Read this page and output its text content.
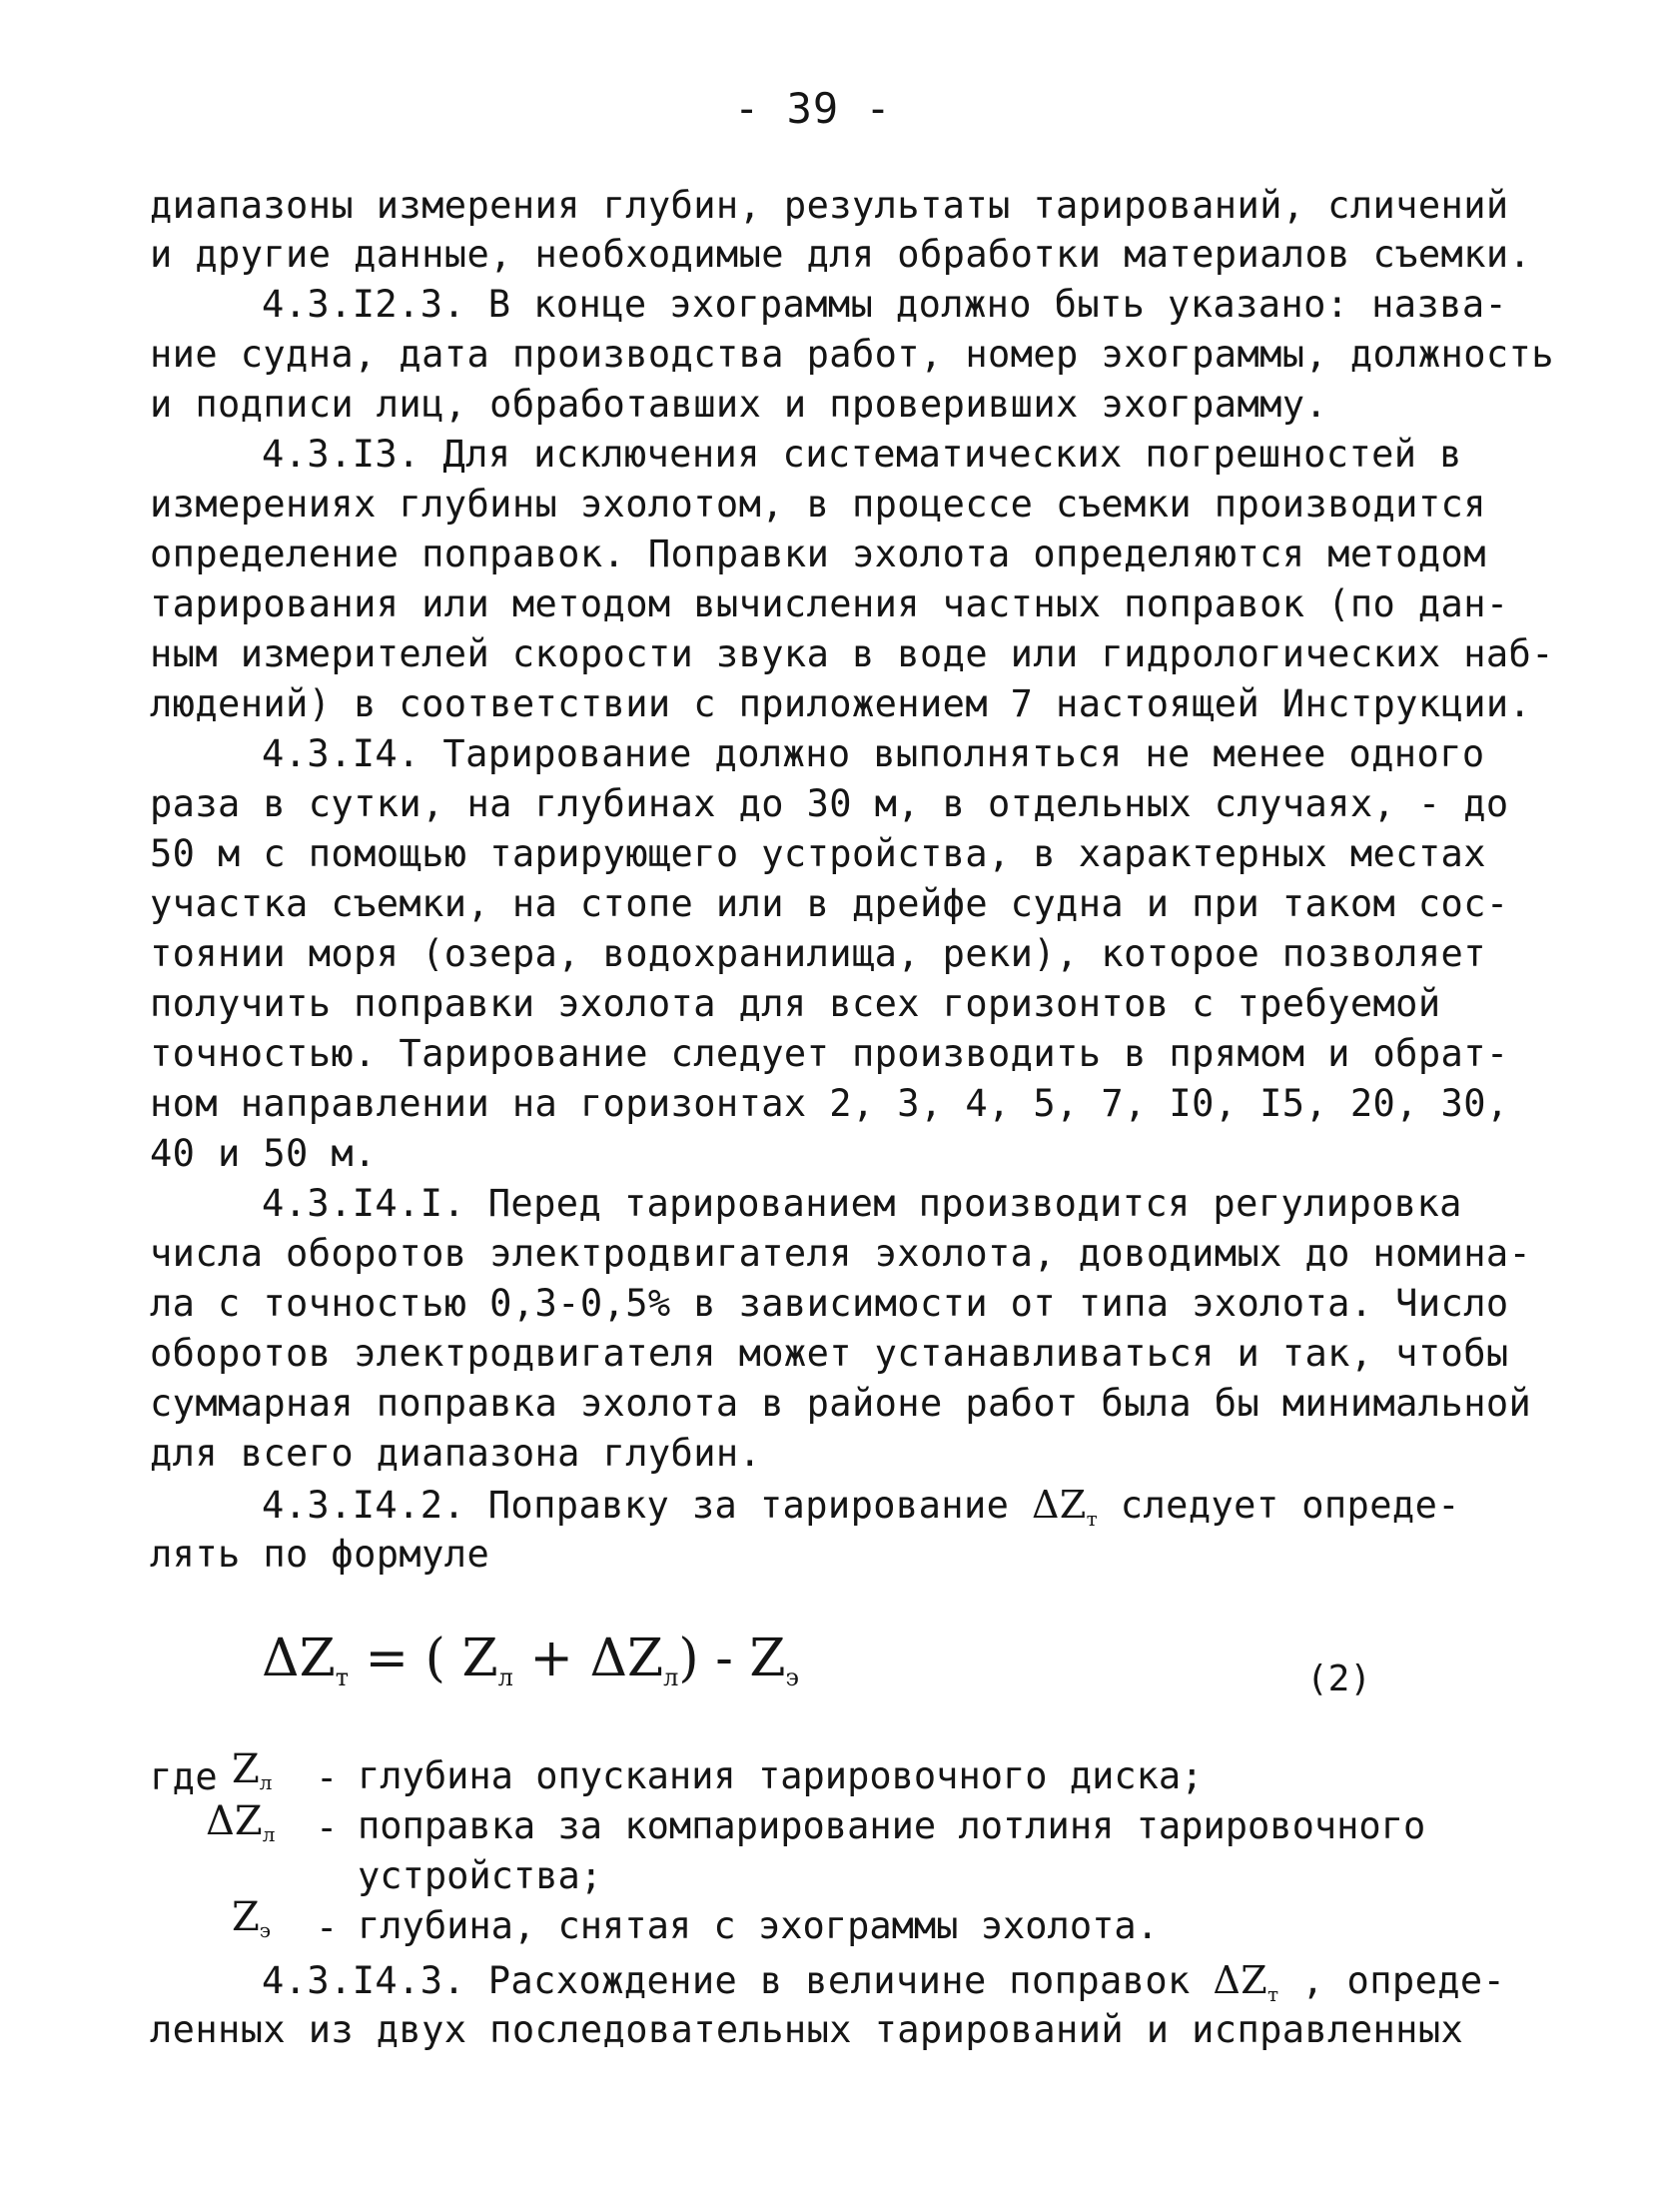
- 39 -
диапазоны измерения глубин, результаты тарирований, сличений
и другие данные, необходимые для обработки материалов съемки.
4.3.I2.3. В конце эхограммы должно быть указано: назва-
ние судна, дата производства работ, номер эхограммы, должность
и подписи лиц, обработавших и проверивших эхограмму.
4.3.I3. Для исключения систематических погрешностей в
измерениях глубины эхолотом, в процессе съемки производится
определение поправок. Поправки эхолота определяются методом
тарирования или методом вычисления частных поправок (по дан-
ным измерителей скорости звука в воде или гидрологических наб-
людений) в соответствии с приложением 7 настоящей Инструкции.
4.3.I4. Тарирование должно выполняться не менее одного
раза в сутки, на глубинах до 30 м, в отдельных случаях, - до
50 м с помощью тарирующего устройства, в характерных местах
участка съемки, на стопе или в дрейфе судна и при таком сос-
тоянии моря (озера, водохранилища, реки), которое позволяет
получить поправки эхолота для всех горизонтов с требуемой
точностью. Тарирование следует производить в прямом и обрат-
ном направлении на горизонтах 2, 3, 4, 5, 7, I0, I5, 20, 30,
40 и 50 м.
4.3.I4.I. Перед тарированием производится регулировка
числа оборотов электродвигателя эхолота, доводимых до номина-
ла с точностью 0,3-0,5% в зависимости от типа эхолота. Число
оборотов электродвигателя может устанавливаться и так, чтобы
суммарная поправка эхолота в районе работ была бы минимальной
для всего диапазона глубин.
4.3.I4.2. Поправку за тарирование $\Delta Z_т$ следует опреде-
лять по формуле
$\Delta Z_т$ = ( $Z_л + \Delta Z_л) - Z_э$	(2)
где $Z_л$ - глубина опускания тарировочного диска;
$\Delta Z_л$ - поправка за компарирование лотлиня тарировочного
устройства;
$Z_э$ - глубина, снятая с эхограммы эхолота.
4.3.I4.3. Расхождение в величине поправок $\Delta Z_т$ , опреде-
ленных из двух последовательных тарирований и исправленных
